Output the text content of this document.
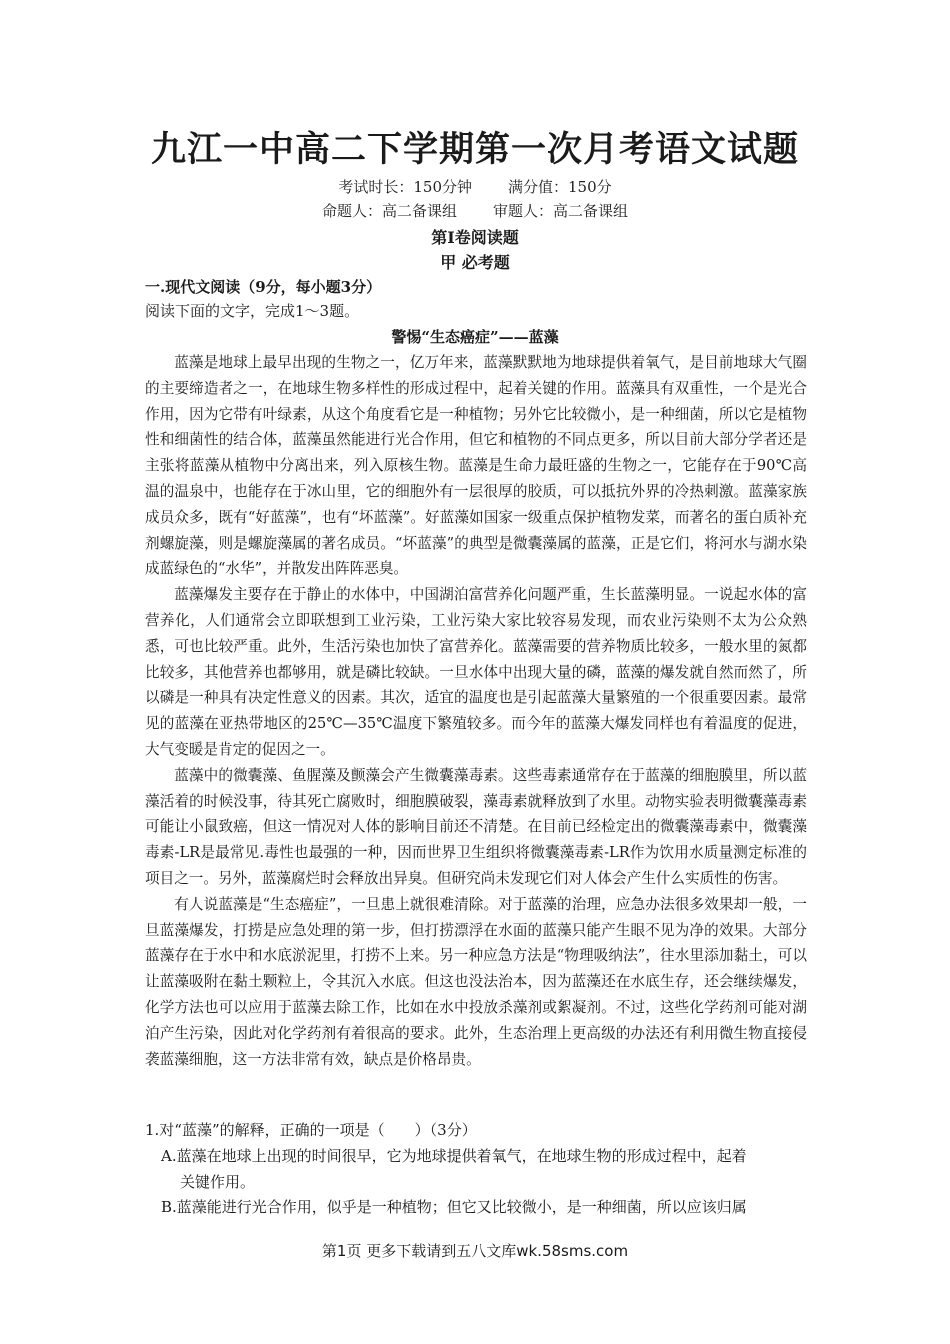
九江一中高二下学期第一次月考语文试题
考试时长：150分钟 满分值：150分
命题人：高二备课组 审题人：高二备课组
第Ⅰ卷阅读题
甲 必考题
一.现代文阅读（9分，每小题3分）
阅读下面的文字，完成1～3题。
警惕“生态癌症”——蓝藻

蓝藻是地球上最早出现的生物之一，亿万年来，蓝藻默默地为地球提供着氧气，是目前地球大气圈的主要缔造者之一，在地球生物多样性的形成过程中，起着关键的作用。蓝藻具有双重性，一个是光合作用，因为它带有叶绿素，从这个角度看它是一种植物；另外它比较微小，是一种细菌，所以它是植物性和细菌性的结合体，蓝藻虽然能进行光合作用，但它和植物的不同点更多，所以目前大部分学者还是主张将蓝藻从植物中分离出来，列入原核生物。蓝藻是生命力最旺盛的生物之一，它能存在于90℃高温的温泉中，也能存在于冰山里，它的细胞外有一层很厚的胶质，可以抵抗外界的冷热刺激。蓝藻家族成员众多，既有“好蓝藻”，也有“坏蓝藻”。好蓝藻如国家一级重点保护植物发菜，而著名的蛋白质补充剂螺旋藻，则是螺旋藻属的著名成员。“坏蓝藻”的典型是微囊藻属的蓝藻，正是它们，将河水与湖水染成蓝绿色的“水华”，并散发出阵阵恶臭。

蓝藻爆发主要存在于静止的水体中，中国湖泊富营养化问题严重，生长蓝藻明显。一说起水体的富营养化，人们通常会立即联想到工业污染，工业污染大家比较容易发现，而农业污染则不太为公众熟悉，可也比较严重。此外，生活污染也加快了富营养化。蓝藻需要的营养物质比较多，一般水里的氮都比较多，其他营养也都够用，就是磷比较缺。一旦水体中出现大量的磷，蓝藻的爆发就自然而然了，所以磷是一种具有决定性意义的因素。其次，适宜的温度也是引起蓝藻大量繁殖的一个很重要因素。最常见的蓝藻在亚热带地区的25℃—35℃温度下繁殖较多。而今年的蓝藻大爆发同样也有着温度的促进，大气变暖是肯定的促因之一。

蓝藻中的微囊藻、鱼腥藻及颤藻会产生微囊藻毒素。这些毒素通常存在于蓝藻的细胞膜里，所以蓝藻活着的时候没事，待其死亡腐败时，细胞膜破裂，藻毒素就释放到了水里。动物实验表明微囊藻毒素可能让小鼠致癌，但这一情况对人体的影响目前还不清楚。在目前已经检定出的微囊藻毒素中，微囊藻毒素-LR是最常见.毒性也最强的一种，因而世界卫生组织将微囊藻毒素-LR作为饮用水质量测定标准的项目之一。另外，蓝藻腐烂时会释放出异臭。但研究尚未发现它们对人体会产生什么实质性的伤害。

有人说蓝藻是“生态癌症”，一旦患上就很难清除。对于蓝藻的治理，应急办法很多效果却一般，一旦蓝藻爆发，打捞是应急处理的第一步，但打捞漂浮在水面的蓝藻只能产生眼不见为净的效果。大部分蓝藻存在于水中和水底淤泥里，打捞不上来。另一种应急方法是“物理吸纳法”，往水里添加黏土，可以让蓝藻吸附在黏土颗粒上，令其沉入水底。但这也没法治本，因为蓝藻还在水底生存，还会继续爆发，化学方法也可以应用于蓝藻去除工作，比如在水中投放杀藻剂或絮凝剂。不过，这些化学药剂可能对湖泊产生污染，因此对化学药剂有着很高的要求。此外，生态治理上更高级的办法还有利用微生物直接侵袭蓝藻细胞，这一方法非常有效，缺点是价格昂贵。

1.对“蓝藻”的解释，正确的一项是（　　）（3分）

A.蓝藻在地球上出现的时间很早，它为地球提供着氧气，在地球生物的形成过程中，起着
关键作用。

B.蓝藻能进行光合作用，似乎是一种植物；但它又比较微小，是一种细菌，所以应该归属

第1页 更多下载请到五八文库wk.58sms.com
